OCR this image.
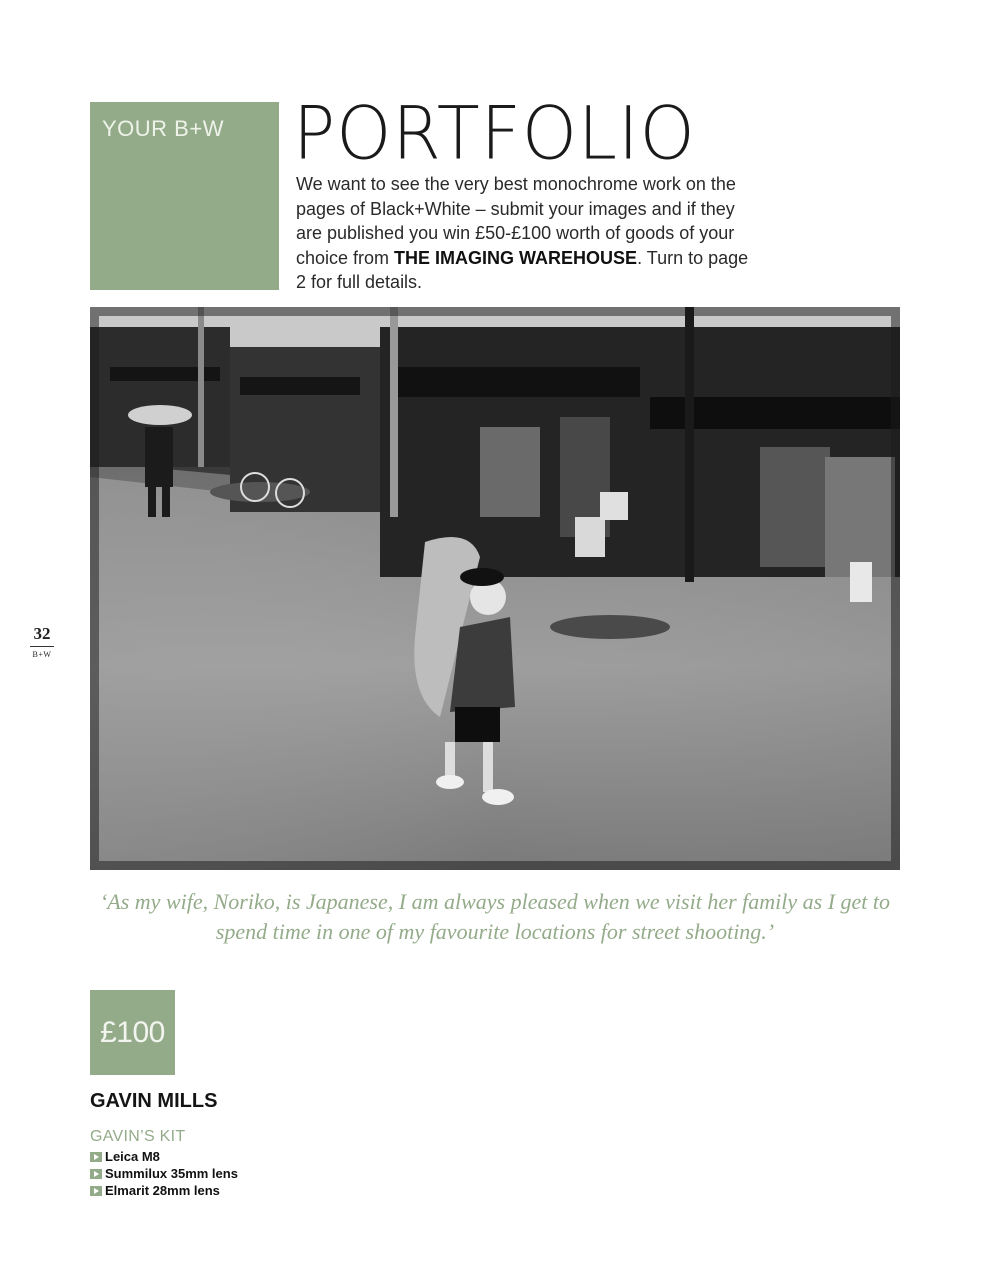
YOUR B+W PORTFOLIO

We want to see the very best monochrome work on the pages of Black+White – submit your images and if they are published you win £50-£100 worth of goods of your choice from THE IMAGING WAREHOUSE. Turn to page 2 for full details.

32
B+W

‘As my wife, Noriko, is Japanese, I am always pleased when we visit her family as I get to spend time in one of my favourite locations for street shooting.’

£100
GAVIN MILLS
GAVIN’S KIT
Leica M8
Summilux 35mm lens
Elmarit 28mm lens
